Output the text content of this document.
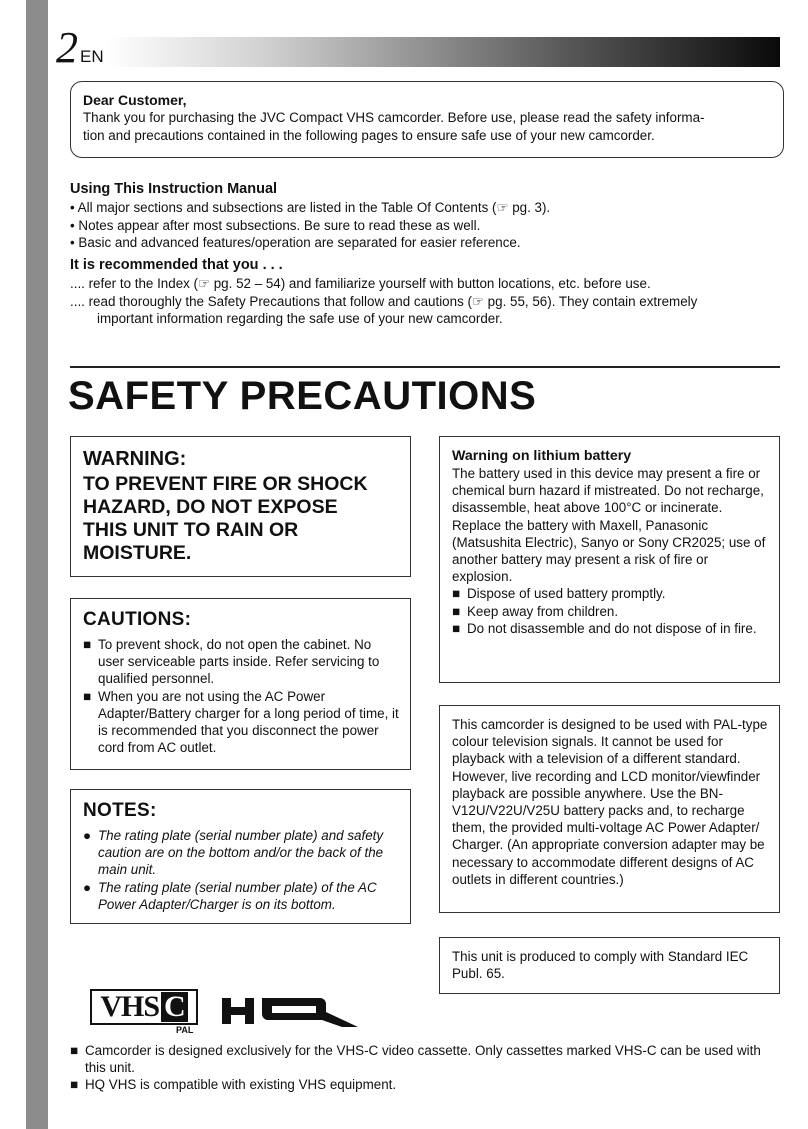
2 EN
Dear Customer,
Thank you for purchasing the JVC Compact VHS camcorder. Before use, please read the safety informa-
tion and precautions contained in the following pages to ensure safe use of your new camcorder.
Using This Instruction Manual
• All major sections and subsections are listed in the Table Of Contents (☞ pg. 3).
• Notes appear after most subsections. Be sure to read these as well.
• Basic and advanced features/operation are separated for easier reference.
It is recommended that you . . .
.... refer to the Index (☞ pg. 52 – 54) and familiarize yourself with button locations, etc. before use.
.... read thoroughly the Safety Precautions that follow and cautions (☞ pg. 55, 56). They contain extremely
important information regarding the safe use of your new camcorder.
SAFETY PRECAUTIONS
WARNING:
TO PREVENT FIRE OR SHOCK
HAZARD, DO NOT EXPOSE
THIS UNIT TO RAIN OR
MOISTURE.
CAUTIONS:
■ To prevent shock, do not open the cabinet. No user serviceable parts inside. Refer servicing to qualified personnel.
■ When you are not using the AC Power Adapter/Battery charger for a long period of time, it is recommended that you disconnect the power cord from AC outlet.
NOTES:
● The rating plate (serial number plate) and safety caution are on the bottom and/or the back of the main unit.
● The rating plate (serial number plate) of the AC Power Adapter/Charger is on its bottom.
Warning on lithium battery
The battery used in this device may present a fire or chemical burn hazard if mistreated. Do not recharge, disassemble, heat above 100°C or incinerate.
Replace the battery with Maxell, Panasonic (Matsushita Electric), Sanyo or Sony CR2025; use of another battery may present a risk of fire or explosion.
■ Dispose of used battery promptly.
■ Keep away from children.
■ Do not disassemble and do not dispose of in fire.
This camcorder is designed to be used with PAL-type colour television signals. It cannot be used for playback with a television of a different standard. However, live recording and LCD monitor/viewfinder playback are possible anywhere. Use the BN-V12U/V22U/V25U battery packs and, to recharge them, the provided multi-voltage AC Power Adapter/ Charger. (An appropriate conversion adapter may be necessary to accommodate different designs of AC outlets in different countries.)
This unit is produced to comply with Standard IEC Publ. 65.
VHS C
PAL
■ Camcorder is designed exclusively for the VHS-C video cassette. Only cassettes marked VHS-C can be used with this unit.
■ HQ VHS is compatible with existing VHS equipment.
